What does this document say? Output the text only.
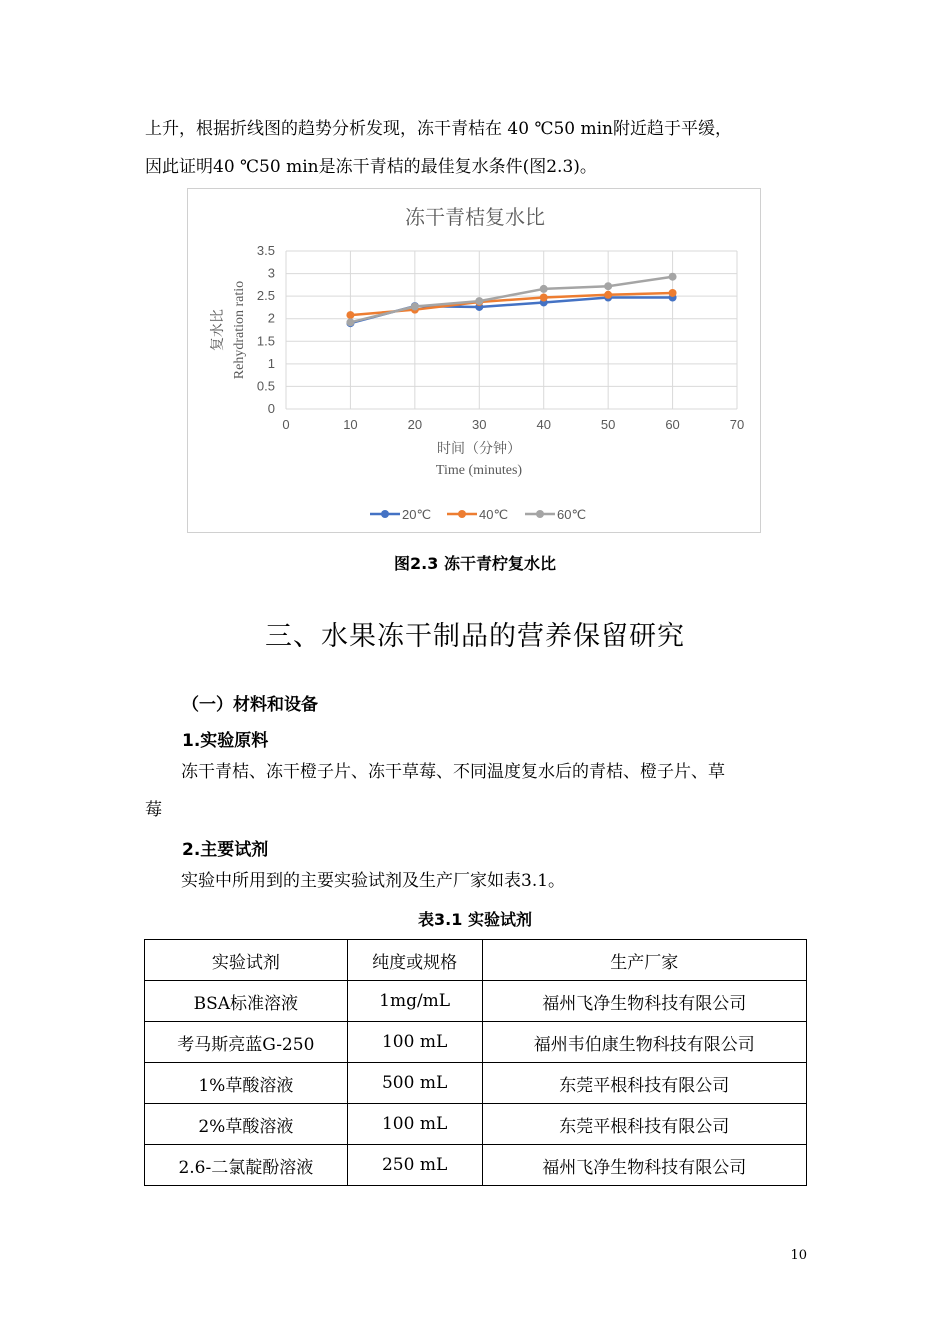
上升，根据折线图的趋势分析发现，冻干青桔在 40 ℃50 min附近趋于平缓，

因此证明40 ℃50 min是冻干青桔的最佳复水条件(图2.3)。

冻干青桔复水比
0
0.5
1
1.5
2
2.5
3
3.5
0	10	20	30	40	50	60	70
时间（分钟）
Time (minutes)
复水比 Rehydration ratio
20℃	40℃	60℃
图2.3 冻干青柠复水比
三、水果冻干制品的营养保留研究
（一）材料和设备
1.实验原料

冻干青桔、冻干橙子片、冻干草莓、不同温度复水后的青桔、橙子片、草

莓

2.主要试剂

实验中所用到的主要实验试剂及生产厂家如表3.1。

表3.1 实验试剂
实验试剂	纯度或规格	生产厂家
BSA标准溶液	1mg/mL	福州飞净生物科技有限公司
考马斯亮蓝G-250	100 mL	福州韦伯康生物科技有限公司
1%草酸溶液	500 mL	东莞平根科技有限公司
2%草酸溶液	100 mL	东莞平根科技有限公司
2.6-二氯靛酚溶液	250 mL	福州飞净生物科技有限公司
10
